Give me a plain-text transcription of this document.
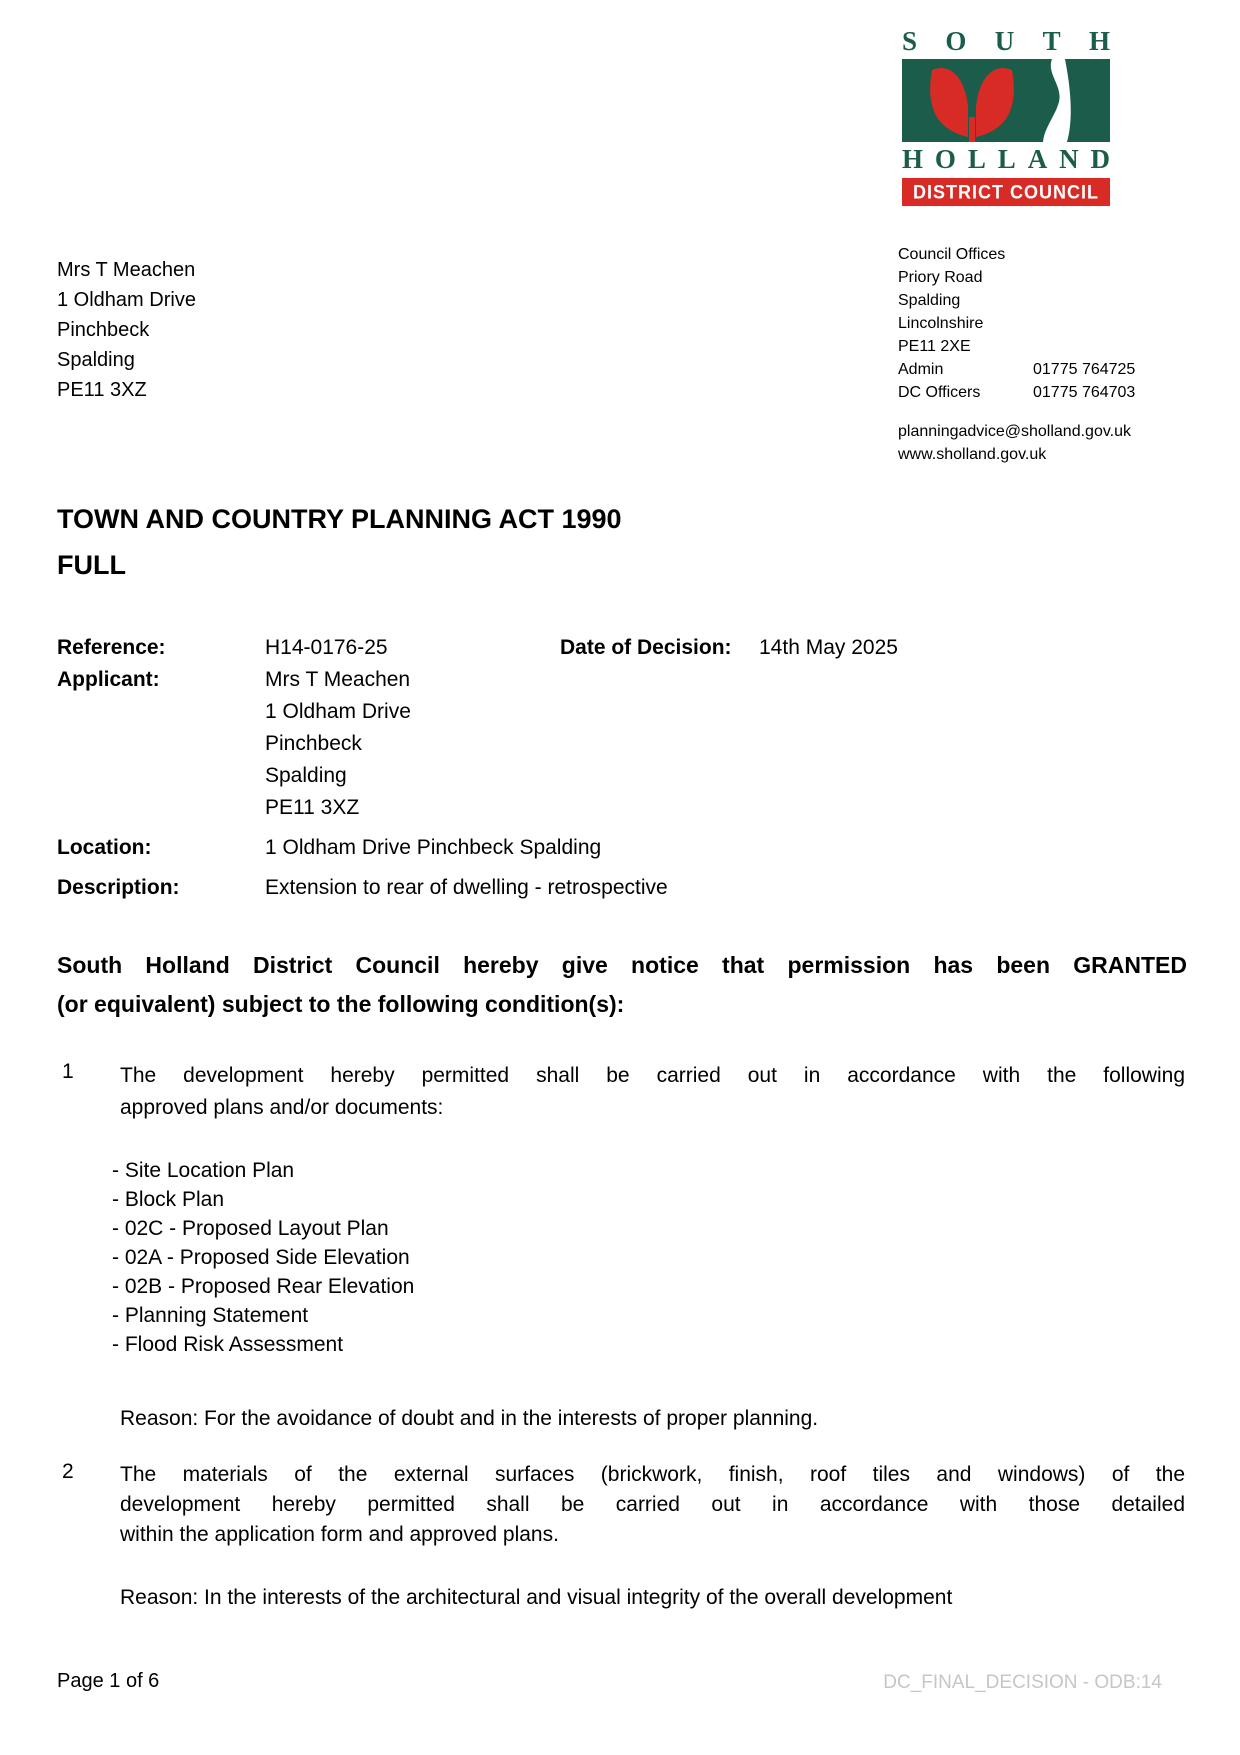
S O U T H
H O L L A N D
DISTRICT COUNCIL
Mrs T Meachen
1 Oldham Drive
Pinchbeck
Spalding
PE11 3XZ
Council Offices
Priory Road
Spalding
Lincolnshire
PE11 2XE
Admin	01775 764725
DC Officers	01775 764703
planningadvice@sholland.gov.uk
www.sholland.gov.uk
TOWN AND COUNTRY PLANNING ACT 1990
FULL
Reference:	H14-0176-25	Date of Decision: 14th May 2025
Applicant:	Mrs T Meachen
1 Oldham Drive
Pinchbeck
Spalding
PE11 3XZ
Location:	1 Oldham Drive Pinchbeck Spalding
Description:	Extension to rear of dwelling - retrospective
South Holland District Council hereby give notice that permission has been GRANTED
(or equivalent) subject to the following condition(s):
1 The development hereby permitted shall be carried out in accordance with the following
approved plans and/or documents:
- Site Location Plan
- Block Plan
- 02C - Proposed Layout Plan
- 02A - Proposed Side Elevation
- 02B - Proposed Rear Elevation
- Planning Statement
- Flood Risk Assessment
Reason: For the avoidance of doubt and in the interests of proper planning.
2 The materials of the external surfaces (brickwork, finish, roof tiles and windows) of the
development hereby permitted shall be carried out in accordance with those detailed
within the application form and approved plans.
Reason: In the interests of the architectural and visual integrity of the overall development
Page 1 of 6	DC_FINAL_DECISION - ODB:14
